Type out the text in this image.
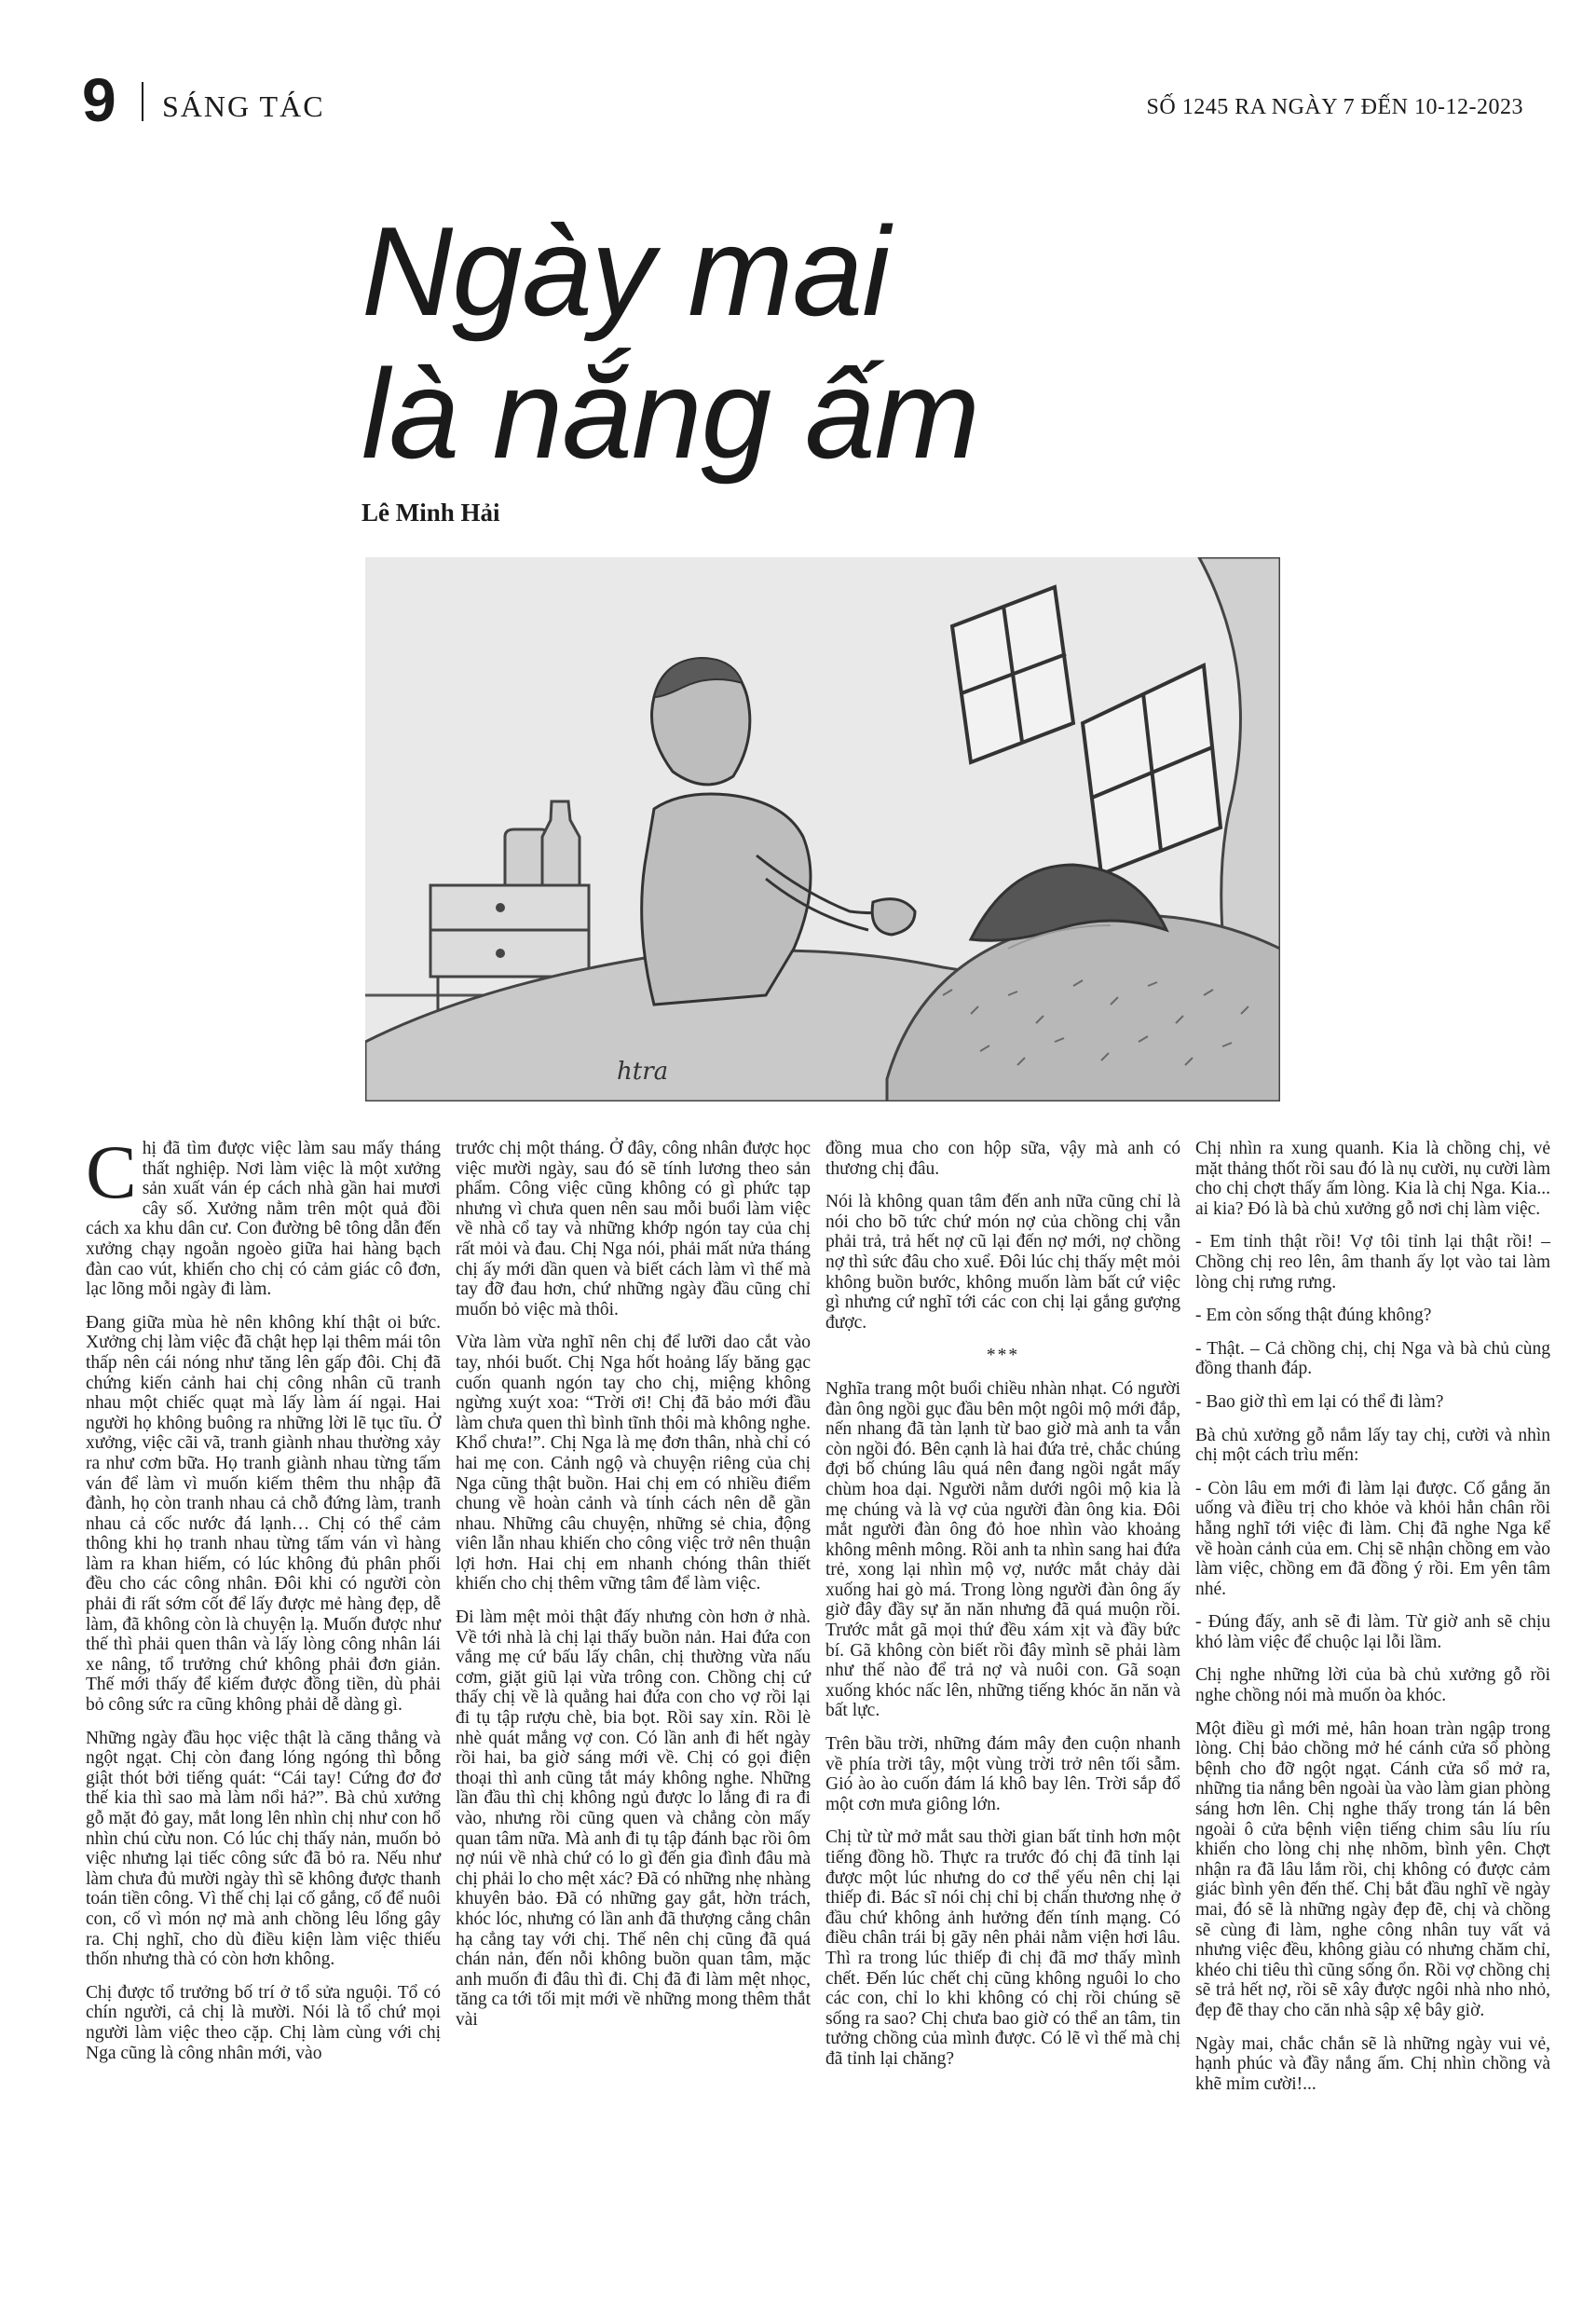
9 SÁNG TÁC	SỐ 1245 RA NGÀY 7 ĐẾN 10-12-2023
Ngày mai
là nắng ấm
Lê Minh Hải
htra

Chị đã tìm được việc làm sau mấy tháng thất nghiệp. Nơi làm việc là một xưởng sản xuất ván ép cách nhà gần hai mươi cây số. Xưởng nằm trên một quả đồi cách xa khu dân cư. Con đường bê tông dẫn đến xưởng chạy ngoằn ngoèo giữa hai hàng bạch đàn cao vút, khiến cho chị có cảm giác cô đơn, lạc lõng mỗi ngày đi làm.

Đang giữa mùa hè nên không khí thật oi bức. Xưởng chị làm việc đã chật hẹp lại thêm mái tôn thấp nên cái nóng như tăng lên gấp đôi. Chị đã chứng kiến cảnh hai chị công nhân cũ tranh nhau một chiếc quạt mà lấy làm áí ngại. Hai người họ không buông ra những lời lẽ tục tĩu. Ở xưởng, việc cãi vã, tranh giành nhau thường xảy ra như cơm bữa. Họ tranh giành nhau từng tấm ván để làm vì muốn kiếm thêm thu nhập đã đành, họ còn tranh nhau cả chỗ đứng làm, tranh nhau cả cốc nước đá lạnh… Chị có thể cảm thông khi họ tranh nhau từng tấm ván vì hàng làm ra khan hiếm, có lúc không đủ phân phối đều cho các công nhân. Đôi khi có người còn phải đi rất sớm cốt để lấy được mẻ hàng đẹp, dễ làm, đã không còn là chuyện lạ. Muốn được như thế thì phải quen thân và lấy lòng công nhân lái xe nâng, tổ trưởng chứ không phải đơn giản. Thế mới thấy để kiếm được đồng tiền, dù phải bỏ công sức ra cũng không phải dễ dàng gì.

Những ngày đầu học việc thật là căng thẳng và ngột ngạt. Chị còn đang lóng ngóng thì bỗng giật thót bởi tiếng quát: “Cái tay! Cứng đơ đơ thế kia thì sao mà làm nổi hả?”. Bà chủ xưởng gỗ mặt đỏ gay, mắt long lên nhìn chị như con hổ nhìn chú cừu non. Có lúc chị thấy nản, muốn bỏ việc nhưng lại tiếc công sức đã bỏ ra. Nếu như làm chưa đủ mười ngày thì sẽ không được thanh toán tiền công. Vì thế chị lại cố gắng, cố để nuôi con, cố vì món nợ mà anh chồng lêu lổng gây ra. Chị nghĩ, cho dù điều kiện làm việc thiếu thốn nhưng thà có còn hơn không.

Chị được tổ trưởng bố trí ở tổ sửa nguội. Tổ có chín người, cả chị là mười. Nói là tổ chứ mọi người làm việc theo cặp. Chị làm cùng với chị Nga cũng là công nhân mới, vào

trước chị một tháng. Ở đây, công nhân được học việc mười ngày, sau đó sẽ tính lương theo sản phẩm. Công việc cũng không có gì phức tạp nhưng vì chưa quen nên sau mỗi buổi làm việc về nhà cổ tay và những khớp ngón tay của chị rất mỏi và đau. Chị Nga nói, phải mất nửa tháng chị ấy mới dần quen và biết cách làm vì thế mà tay đỡ đau hơn, chứ những ngày đầu cũng chỉ muốn bỏ việc mà thôi.

Vừa làm vừa nghĩ nên chị để lưỡi dao cắt vào tay, nhói buốt. Chị Nga hốt hoảng lấy băng gạc cuốn quanh ngón tay cho chị, miệng không ngừng xuýt xoa: “Trời ơi! Chị đã bảo mới đầu làm chưa quen thì bình tĩnh thôi mà không nghe. Khổ chưa!”. Chị Nga là mẹ đơn thân, nhà chỉ có hai mẹ con. Cảnh ngộ và chuyện riêng của chị Nga cũng thật buồn. Hai chị em có nhiều điểm chung về hoàn cảnh và tính cách nên dễ gần nhau. Những câu chuyện, những sẻ chia, động viên lẫn nhau khiến cho công việc trở nên thuận lợi hơn. Hai chị em nhanh chóng thân thiết khiến cho chị thêm vững tâm để làm việc.

Đi làm mệt mỏi thật đấy nhưng còn hơn ở nhà. Về tới nhà là chị lại thấy buồn nản. Hai đứa con vắng mẹ cứ bấu lấy chân, chị thường vừa nấu cơm, giặt giũ lại vừa trông con. Chồng chị cứ thấy chị về là quẳng hai đứa con cho vợ rồi lại đi tụ tập rượu chè, bia bọt. Rồi say xỉn. Rồi lè nhè quát mắng vợ con. Có lần anh đi hết ngày rồi hai, ba giờ sáng mới về. Chị có gọi điện thoại thì anh cũng tắt máy không nghe. Những lần đầu thì chị không ngủ được lo lắng đi ra đi vào, nhưng rồi cũng quen và chẳng còn mấy quan tâm nữa. Mà anh đi tụ tập đánh bạc rồi ôm nợ núi về nhà chứ có lo gì đến gia đình đâu mà chị phải lo cho mệt xác? Đã có những nhẹ nhàng khuyên bảo. Đã có những gay gắt, hờn trách, khóc lóc, nhưng có lần anh đã thượng cẳng chân hạ cẳng tay với chị. Thế nên chị cũng đã quá chán nản, đến nỗi không buồn quan tâm, mặc anh muốn đi đâu thì đi. Chị đã đi làm mệt nhọc, tăng ca tới tối mịt mới về những mong thêm thắt vài

đồng mua cho con hộp sữa, vậy mà anh có thương chị đâu.

Nói là không quan tâm đến anh nữa cũng chỉ là nói cho bõ tức chứ món nợ của chồng chị vẫn phải trả, trả hết nợ cũ lại đến nợ mới, nợ chồng nợ thì sức đâu cho xuể. Đôi lúc chị thấy mệt mỏi không buồn bước, không muốn làm bất cứ việc gì nhưng cứ nghĩ tới các con chị lại gắng gượng được.

***

Nghĩa trang một buổi chiều nhàn nhạt. Có người đàn ông ngồi gục đầu bên một ngôi mộ mới đắp, nến nhang đã tàn lạnh từ bao giờ mà anh ta vẫn còn ngồi đó. Bên cạnh là hai đứa trẻ, chắc chúng đợi bố chúng lâu quá nên đang ngồi ngắt mấy chùm hoa dại. Người nằm dưới ngôi mộ kia là mẹ chúng và là vợ của người đàn ông kia. Đôi mắt người đàn ông đỏ hoe nhìn vào khoảng không mênh mông. Rồi anh ta nhìn sang hai đứa trẻ, xong lại nhìn mộ vợ, nước mắt chảy dài xuống hai gò má. Trong lòng người đàn ông ấy giờ đây đầy sự ăn năn nhưng đã quá muộn rồi. Trước mắt gã mọi thứ đều xám xịt và đầy bức bí. Gã không còn biết rồi đây mình sẽ phải làm như thế nào để trả nợ và nuôi con. Gã soạn xuống khóc nấc lên, những tiếng khóc ăn năn và bất lực.

Trên bầu trời, những đám mây đen cuộn nhanh về phía trời tây, một vùng trời trở nên tối sẫm. Gió ào ào cuốn đám lá khô bay lên. Trời sắp đổ một cơn mưa giông lớn.

Chị từ từ mở mắt sau thời gian bất tỉnh hơn một tiếng đồng hồ. Thực ra trước đó chị đã tỉnh lại được một lúc nhưng do cơ thể yếu nên chị lại thiếp đi. Bác sĩ nói chị chỉ bị chấn thương nhẹ ở đầu chứ không ảnh hưởng đến tính mạng. Có điều chân trái bị gãy nên phải nằm viện hơi lâu. Thì ra trong lúc thiếp đi chị đã mơ thấy mình chết. Đến lúc chết chị cũng không nguôi lo cho các con, chỉ lo khi không có chị rồi chúng sẽ sống ra sao? Chị chưa bao giờ có thể an tâm, tin tưởng chồng của mình được. Có lẽ vì thế mà chị đã tỉnh lại chăng?

Chị nhìn ra xung quanh. Kia là chồng chị, vẻ mặt thảng thốt rồi sau đó là nụ cười, nụ cười làm cho chị chợt thấy ấm lòng. Kia là chị Nga. Kia... ai kia? Đó là bà chủ xưởng gỗ nơi chị làm việc.

- Em tỉnh thật rồi! Vợ tôi tỉnh lại thật rồi! – Chồng chị reo lên, âm thanh ấy lọt vào tai làm lòng chị rưng rưng.

- Em còn sống thật đúng không?

- Thật. – Cả chồng chị, chị Nga và bà chủ cùng đồng thanh đáp.

- Bao giờ thì em lại có thể đi làm?

Bà chủ xưởng gỗ nắm lấy tay chị, cười và nhìn chị một cách trìu mến:

- Còn lâu em mới đi làm lại được. Cố gắng ăn uống và điều trị cho khỏe và khỏi hẳn chân rồi hẵng nghĩ tới việc đi làm. Chị đã nghe Nga kể về hoàn cảnh của em. Chị sẽ nhận chồng em vào làm việc, chồng em đã đồng ý rồi. Em yên tâm nhé.

- Đúng đấy, anh sẽ đi làm. Từ giờ anh sẽ chịu khó làm việc để chuộc lại lỗi lầm.

Chị nghe những lời của bà chủ xưởng gỗ rồi nghe chồng nói mà muốn òa khóc.

Một điều gì mới mẻ, hân hoan tràn ngập trong lòng. Chị bảo chồng mở hé cánh cửa sổ phòng bệnh cho đỡ ngột ngạt. Cánh cửa sổ mở ra, những tia nắng bên ngoài ùa vào làm gian phòng sáng hơn lên. Chị nghe thấy trong tán lá bên ngoài ô cửa bệnh viện tiếng chim sâu líu ríu khiến cho lòng chị nhẹ nhõm, bình yên. Chợt nhận ra đã lâu lắm rồi, chị không có được cảm giác bình yên đến thế. Chị bắt đầu nghĩ về ngày mai, đó sẽ là những ngày đẹp đẽ, chị và chồng sẽ cùng đi làm, nghe công nhân tuy vất vả nhưng việc đều, không giàu có nhưng chăm chỉ, khéo chi tiêu thì cũng sống ổn. Rồi vợ chồng chị sẽ trả hết nợ, rồi sẽ xây được ngôi nhà nho nhỏ, đẹp đẽ thay cho căn nhà sập xệ bây giờ.

Ngày mai, chắc chắn sẽ là những ngày vui vẻ, hạnh phúc và đầy nắng ấm. Chị nhìn chồng và khẽ mỉm cười!...
